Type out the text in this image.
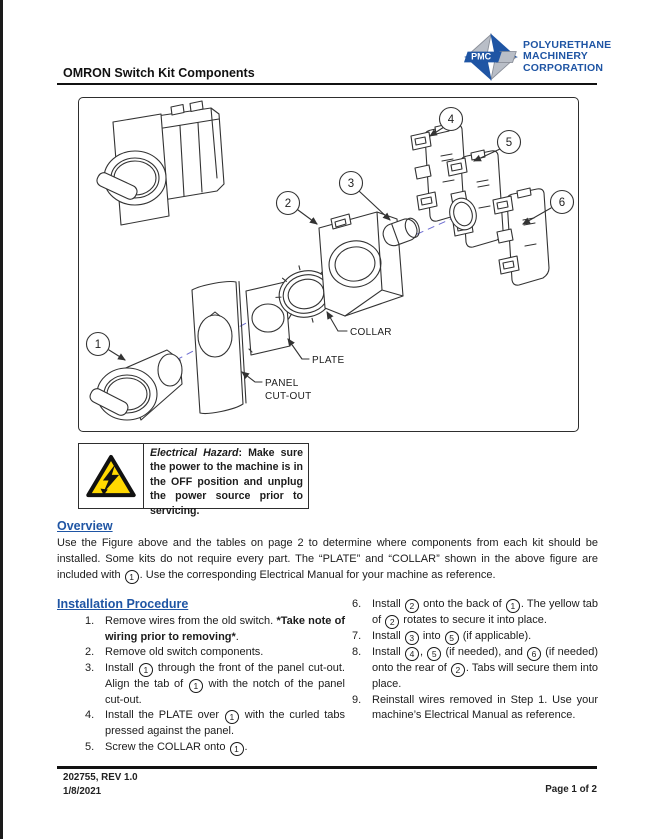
OMRON Switch Kit Components
PMC
POLYURETHANE
MACHINERY
CORPORATION
1
2
3
4
5
6
COLLAR
PLATE
PANEL
CUT-OUT
Electrical Hazard: Make sure the power to the machine is in the OFF position and unplug the power source prior to servicing.
Overview

Use the Figure above and the tables on page 2 to determine where components from each kit should be installed. Some kits do not require every part. The “PLATE” and “COLLAR” shown in the above figure are included with 1 . Use the corresponding Electrical Manual for your machine as reference.

Installation Procedure
1. Remove wires from the old switch. *Take note of wiring prior to removing*.
2. Remove old switch components.
3. Install 1 through the front of the panel cut-out. Align the tab of 1 with the notch of the panel cut-out.
4. Install the PLATE over 1 with the curled tabs pressed against the panel.
5. Screw the COLLAR onto 1 .
6. Install 2 onto the back of 1 . The yellow tab of 2 rotates to secure it into place.
7. Install 3 into 5 (if applicable).
8. Install 4 , 5 (if needed), and 6 (if needed) onto the rear of 2 . Tabs will secure them into place.
9. Reinstall wires removed in Step 1. Use your machine’s Electrical Manual as reference.
202755, REV 1.0
1/8/2021	Page 1 of 2
